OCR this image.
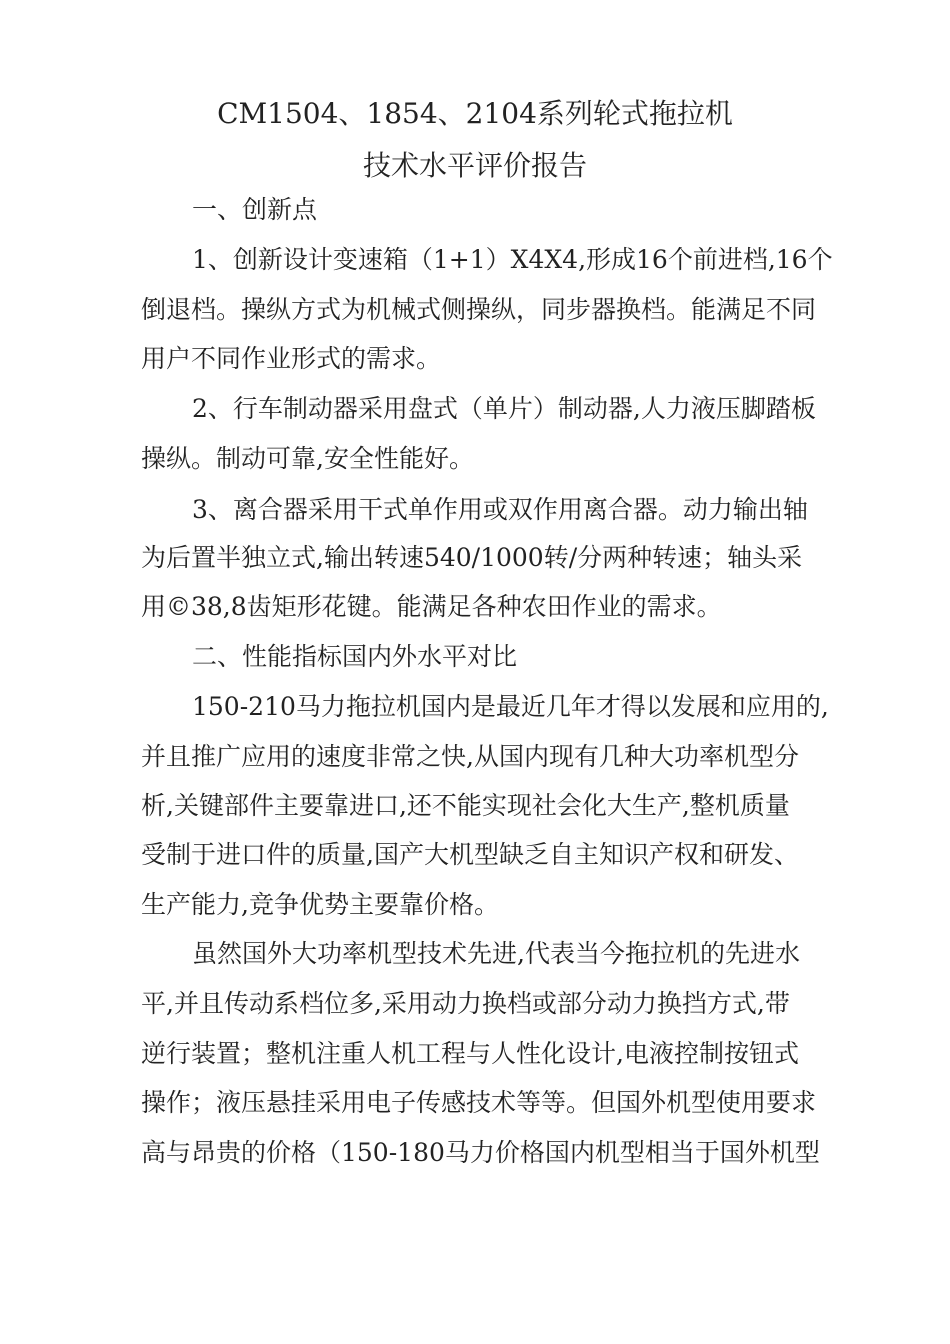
CM1504、1854、2104系列轮式拖拉机
技术水平评价报告

一、创新点

1、创新设计变速箱（1+1）X4X4,形成16个前进档,16个

倒退档。操纵方式为机械式侧操纵，同步器换档。能满足不同

用户不同作业形式的需求。

2、行车制动器采用盘式（单片）制动器,人力液压脚踏板

操纵。制动可靠,安全性能好。

3、离合器采用干式单作用或双作用离合器。动力输出轴

为后置半独立式,输出转速540/1000转/分两种转速；轴头采

用©38,8齿矩形花键。能满足各种农田作业的需求。

二、性能指标国内外水平对比

150-210马力拖拉机国内是最近几年才得以发展和应用的,

并且推广应用的速度非常之快,从国内现有几种大功率机型分

析,关键部件主要靠进口,还不能实现社会化大生产,整机质量

受制于进口件的质量,国产大机型缺乏自主知识产权和研发、

生产能力,竞争优势主要靠价格。

虽然国外大功率机型技术先进,代表当今拖拉机的先进水

平,并且传动系档位多,采用动力换档或部分动力换挡方式,带

逆行装置；整机注重人机工程与人性化设计,电液控制按钮式

操作；液压悬挂采用电子传感技术等等。但国外机型使用要求

高与昂贵的价格（150-180马力价格国内机型相当于国外机型
